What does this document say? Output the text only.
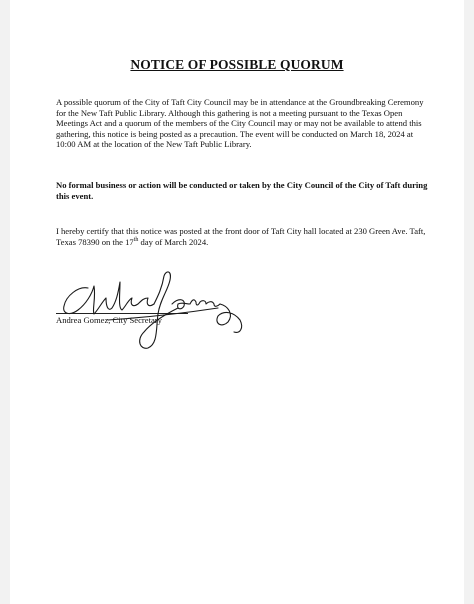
NOTICE OF POSSIBLE QUORUM
A possible quorum of the City of Taft City Council may be in attendance at the Groundbreaking Ceremony for the New Taft Public Library. Although this gathering is not a meeting pursuant to the Texas Open Meetings Act and a quorum of the members of the City Council may or may not be available to attend this gathering, this notice is being posted as a precaution. The event will be conducted on March 18, 2024 at 10:00 AM at the location of the New Taft Public Library.
No formal business or action will be conducted or taken by the City Council of the City of Taft during this event.
I hereby certify that this notice was posted at the front door of Taft City hall located at 230 Green Ave. Taft, Texas 78390 on the 17th day of March 2024.
Andrea Gomez, City Secretary
